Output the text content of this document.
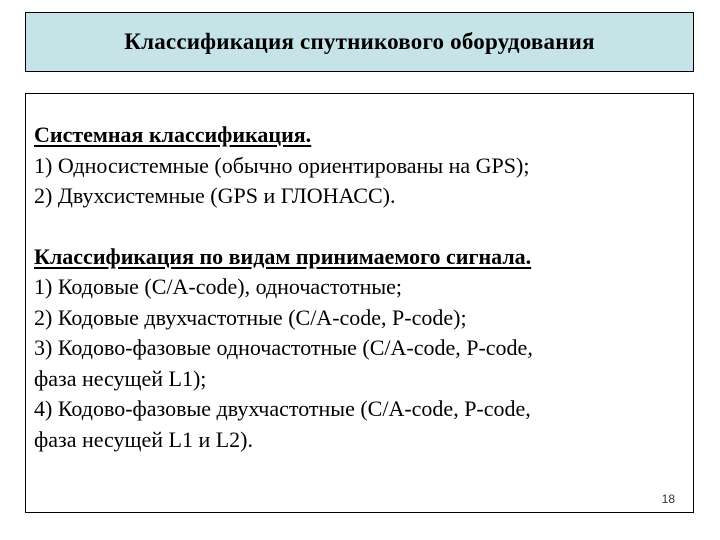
Классификация спутникового оборудования
Системная классификация.
1) Односистемные (обычно ориентированы на GPS);
2) Двухсистемные (GPS и ГЛОНАСС).
Классификация по видам принимаемого сигнала.
1) Кодовые (C/A-code), одночастотные;
2) Кодовые двухчастотные (C/A-code, P-code);
3) Кодово-фазовые одночастотные (C/A-code, P-code,
фаза несущей L1);
4) Кодово-фазовые двухчастотные (C/A-code, P-code,
фаза несущей L1 и L2).
18
